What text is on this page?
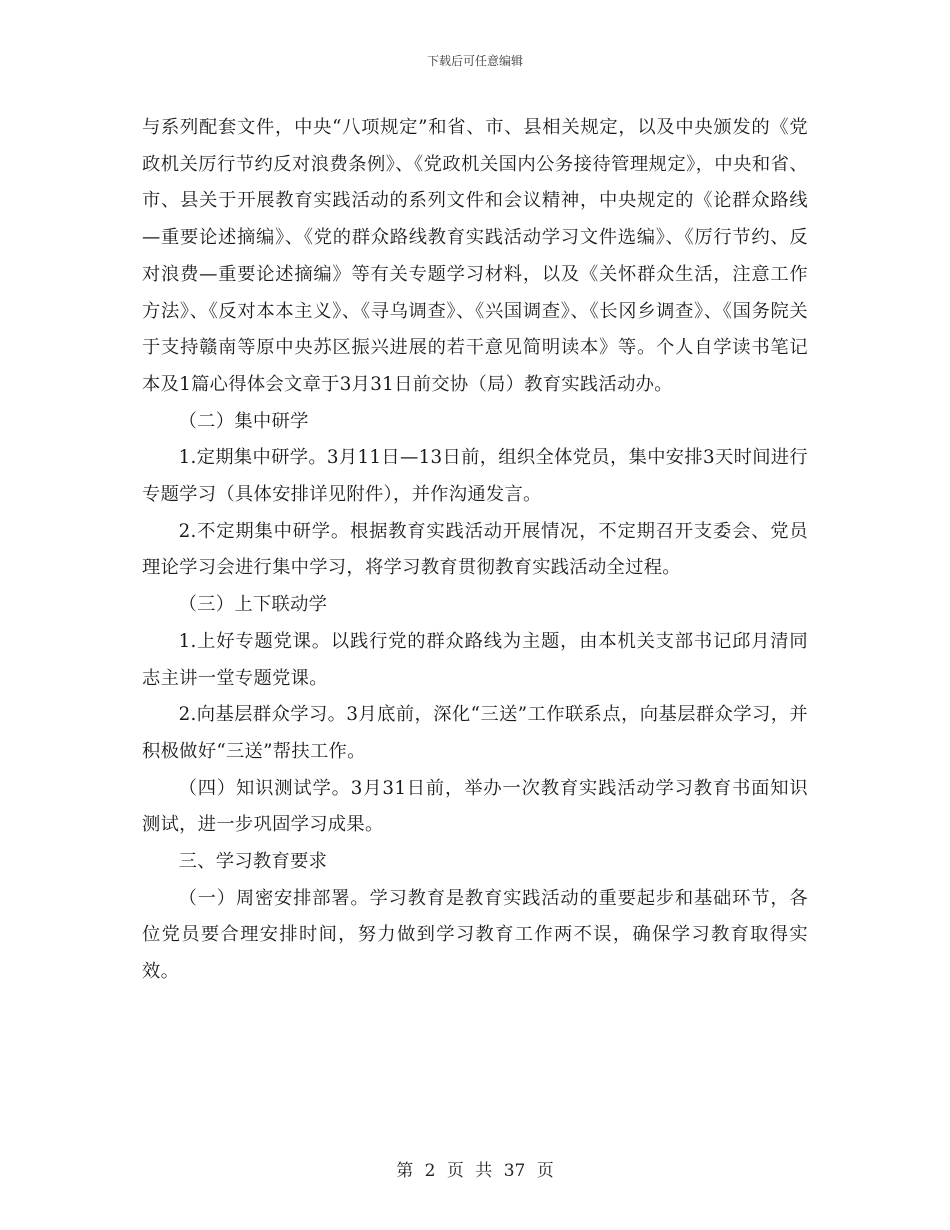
下载后可任意编辑

与系列配套文件，中央“八项规定”和省、市、县相关规定，以及中央颁发的《党政机关厉行节约反对浪费条例》、《党政机关国内公务接待管理规定》，中央和省、市、县关于开展教育实践活动的系列文件和会议精神，中央规定的《论群众路线—重要论述摘编》、《党的群众路线教育实践活动学习文件选编》、《厉行节约、反对浪费—重要论述摘编》等有关专题学习材料，以及《关怀群众生活，注意工作方法》、《反对本本主义》、《寻乌调查》、《兴国调查》、《长冈乡调查》、《国务院关于支持赣南等原中央苏区振兴进展的若干意见简明读本》等。个人自学读书笔记本及1篇心得体会文章于3月31日前交协（局）教育实践活动办。

（二）集中研学

1.定期集中研学。3月11日—13日前，组织全体党员，集中安排3天时间进行专题学习（具体安排详见附件），并作沟通发言。

2.不定期集中研学。根据教育实践活动开展情况，不定期召开支委会、党员理论学习会进行集中学习，将学习教育贯彻教育实践活动全过程。

（三）上下联动学

1.上好专题党课。以践行党的群众路线为主题，由本机关支部书记邱月清同志主讲一堂专题党课。

2.向基层群众学习。3月底前，深化“三送”工作联系点，向基层群众学习，并积极做好“三送”帮扶工作。

（四）知识测试学。3月31日前，举办一次教育实践活动学习教育书面知识测试，进一步巩固学习成果。

三、学习教育要求

（一）周密安排部署。学习教育是教育实践活动的重要起步和基础环节，各位党员要合理安排时间，努力做到学习教育工作两不误，确保学习教育取得实效。

第 2 页 共 37 页
